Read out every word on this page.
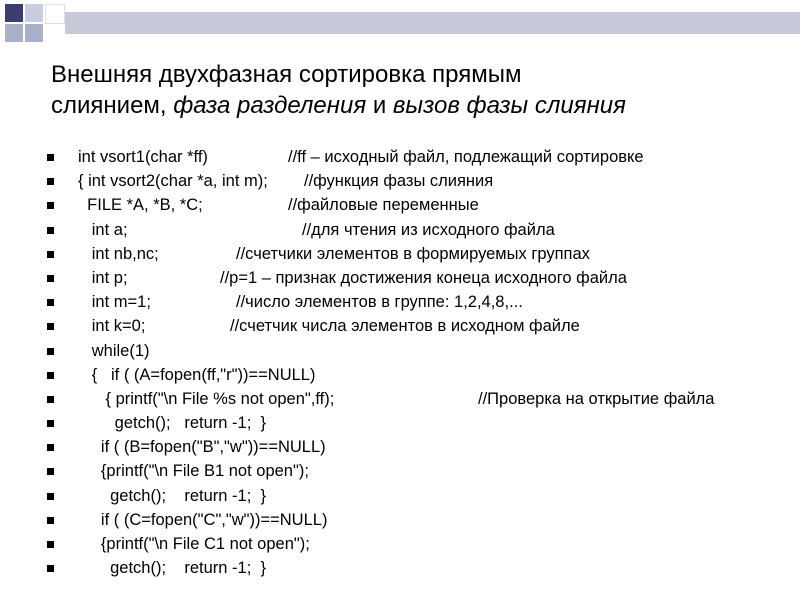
Внешняя двухфазная сортировка прямым
слиянием, фаза разделения и вызов фазы слияния
int vsort1(char *ff)	//ff – исходный файл, подлежащий сортировке
{ int vsort2(char *a, int m); //функция фазы слияния
FILE *A, *B, *C;	//файловые переменные
int a;	//для чтения из исходного файла
int nb,nc;	//счетчики элементов в формируемых группах
int p;	//p=1 – признак достижения конеца исходного файла
int m=1;	//число элементов в группе: 1,2,4,8,...
int k=0;	//счетчик числа элементов в исходном файле
while(1)
{   if ( (A=fopen(ff,"r"))==NULL)
{ printf("\n File %s not open",ff);	//Проверка на открытие файла
getch();   return -1;  }
if ( (B=fopen("B","w"))==NULL)
{printf("\n File B1 not open");
getch();    return -1;  }
if ( (C=fopen("C","w"))==NULL)
{printf("\n File C1 not open");
getch();    return -1;  }
